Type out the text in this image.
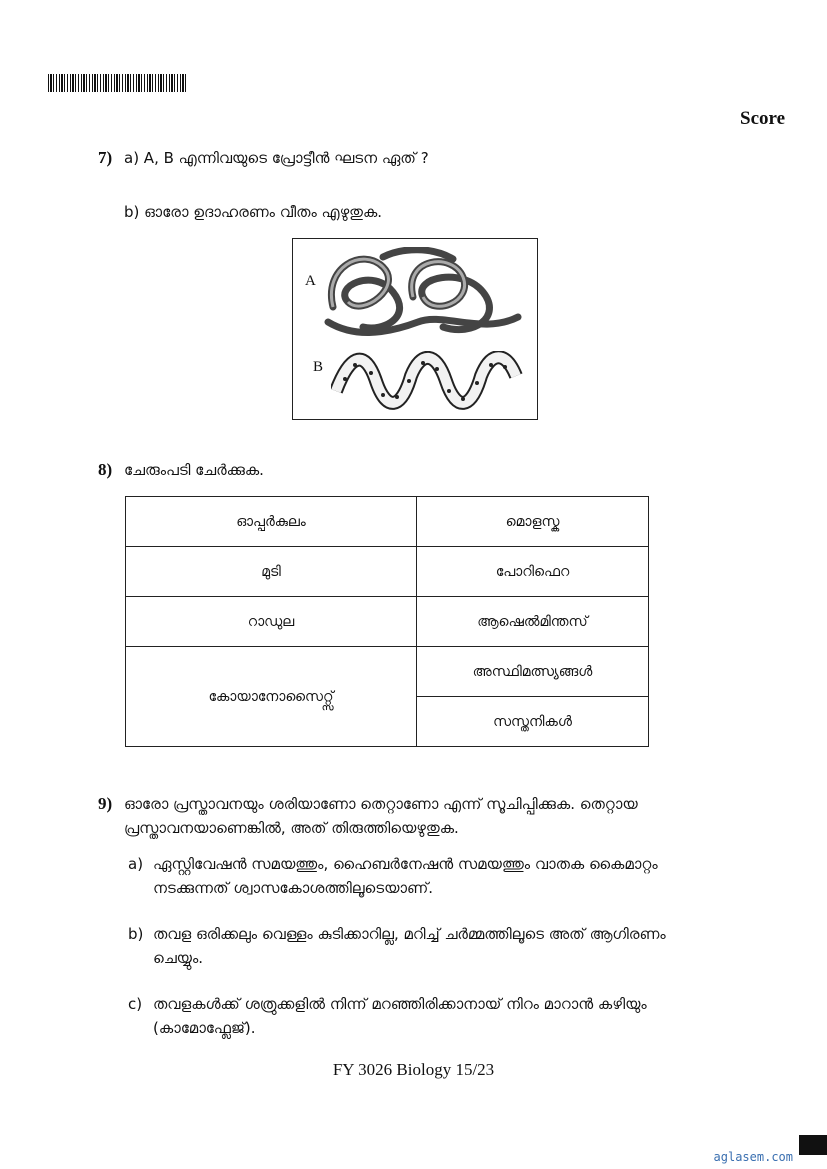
Score
7) a) A, B എന്നിവയുടെ പ്രോട്ടീൻ ഘടന ഏത് ?
b) ഓരോ ഉദാഹരണം വീതം എഴുതുക.
A
B
8) ചേരുംപടി ചേർക്കുക.
ഓപ്പർകുലം	മൊളസ്ക
മുടി	പോറിഫെറ
റാഡുല	ആഷെൽമിന്തസ്
കോയാനോസൈറ്റ്സ്	അസ്ഥിമത്സ്യങ്ങൾ
	സസ്തനികൾ
9) ഓരോ പ്രസ്താവനയും ശരിയാണോ തെറ്റാണോ എന്ന് സൂചിപ്പിക്കുക. തെറ്റായ
പ്രസ്താവനയാണെങ്കിൽ, അത് തിരുത്തിയെഴുതുക.
a) ഏസ്റ്റിവേഷൻ സമയത്തും, ഹൈബർനേഷൻ സമയത്തും വാതക കൈമാറ്റം
നടക്കുന്നത് ശ്വാസകോശത്തിലൂടെയാണ്.
b) തവള ഒരിക്കലും വെള്ളം കുടിക്കാറില്ല, മറിച്ച് ചർമ്മത്തിലൂടെ അത് ആഗിരണം
ചെയ്യും.
c) തവളകൾക്ക് ശത്രുക്കളിൽ നിന്ന് മറഞ്ഞിരിക്കാനായ് നിറം മാറാൻ കഴിയും
(കാമോഫ്ലേജ്).
FY 3026 Biology 15/23
aglasem.com
